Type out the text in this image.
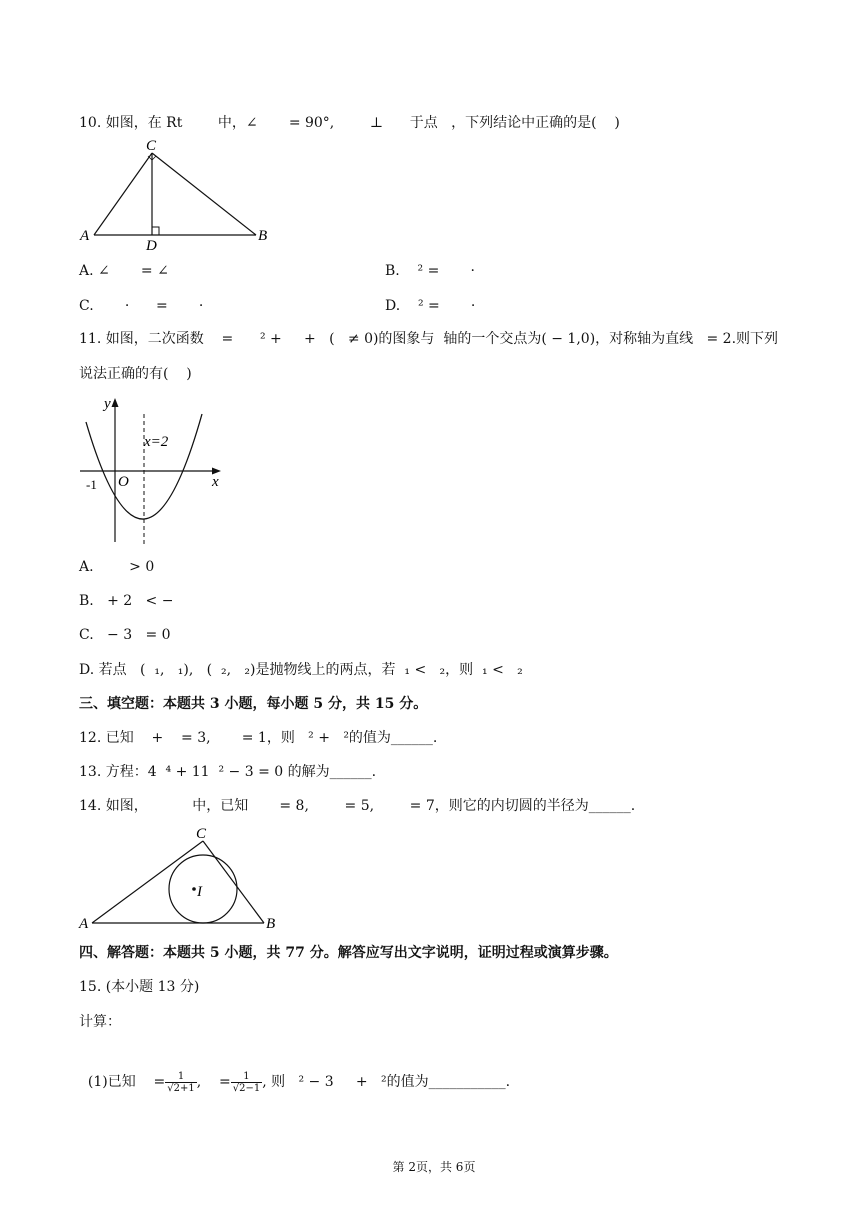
10. 如图，在 Rt        中，∠       = 90°,        ⊥      于点   ，下列结论中正确的是(    )
C
A
D
B
A. ∠       = ∠	B.    ² =       ·
C.       ·      =       ·	D.    ² =       ·
11. 如图，二次函数    =      ² +     +   (   ≠ 0)的图象与  轴的一个交点为( − 1,0)，对称轴为直线   = 2.则下列
说法正确的有(    )
y
x=2
-1 O	x
A.        > 0
B.   + 2   < −
C.   − 3   = 0
D. 若点   (  ₁,   ₁),   (  ₂,   ₂)是抛物线上的两点，若  ₁ <   ₂，则  ₁ <   ₂
三、填空题：本题共 3 小题，每小题 5 分，共 15 分。
12. 已知    +    = 3,       = 1，则   ² +   ²的值为______.
13. 方程：4  ⁴ + 11  ² − 3 = 0 的解为______.
14. 如图，          中，已知       = 8,        = 5,        = 7，则它的内切圆的半径为______.
C
I
A	B
四、解答题：本题共 5 小题，共 77 分。解答应写出文字说明，证明过程或演算步骤。
15. (本小题 13 分)
计算：

(1)已知    = $\frac{1}{√2+1}$ ,    = $\frac{1}{√2-1}$ , 则   ² − 3     +   ²的值为___________.

第 2页，共 6页
